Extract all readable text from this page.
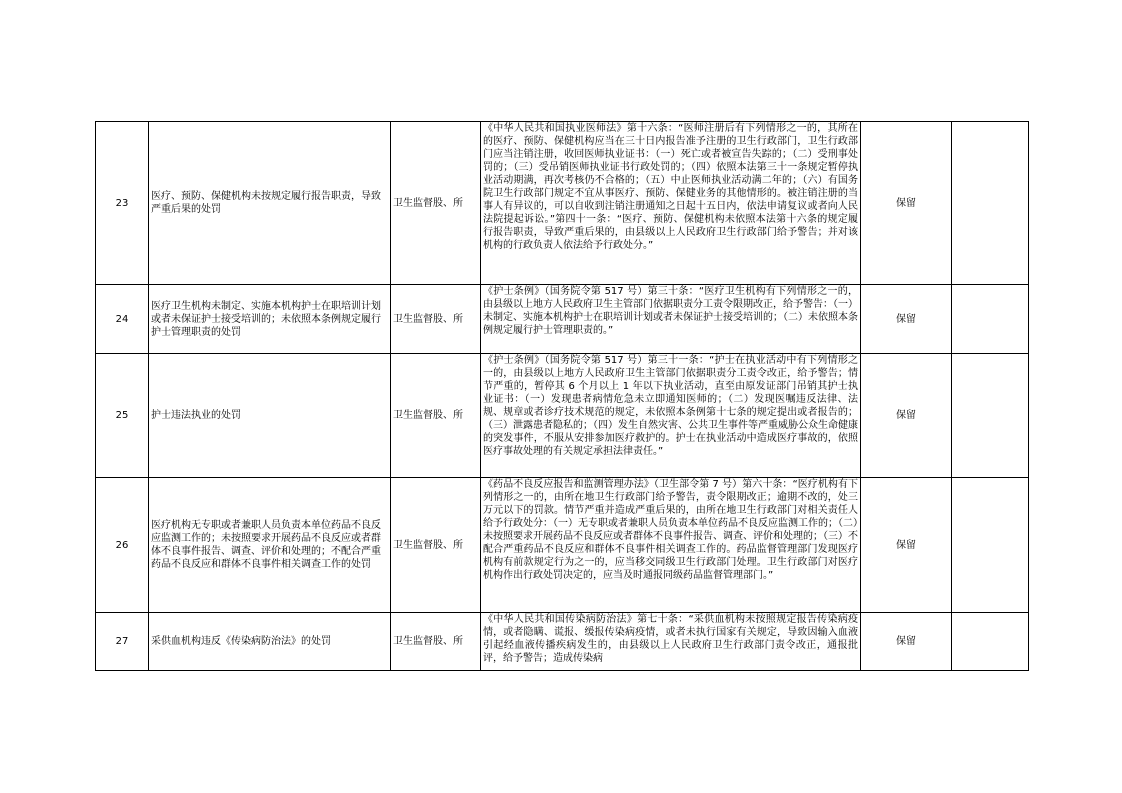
23	医疗、预防、保健机构未按规定履行报告职责，导致严重后果的处罚	卫生监督股、所	《中华人民共和国执业医师法》第十六条：“医师注册后有下列情形之一的，其所在的医疗、预防、保健机构应当在三十日内报告准予注册的卫生行政部门，卫生行政部门应当注销注册，收回医师执业证书：（一）死亡或者被宣告失踪的；（二）受刑事处罚的；（三）受吊销医师执业证书行政处罚的；（四）依照本法第三十一条规定暂停执业活动期满，再次考核仍不合格的；（五）中止医师执业活动满二年的；（六）有国务院卫生行政部门规定不宜从事医疗、预防、保健业务的其他情形的。被注销注册的当事人有异议的，可以自收到注销注册通知之日起十五日内，依法申请复议或者向人民法院提起诉讼。”第四十一条：“医疗、预防、保健机构未依照本法第十六条的规定履行报告职责，导致严重后果的，由县级以上人民政府卫生行政部门给予警告；并对该机构的行政负责人依法给予行政处分。”	保留	
24	医疗卫生机构未制定、实施本机构护士在职培训计划或者未保证护士接受培训的；未依照本条例规定履行护士管理职责的处罚	卫生监督股、所	《护士条例》（国务院令第 517 号）第三十条：“医疗卫生机构有下列情形之一的，由县级以上地方人民政府卫生主管部门依据职责分工责令限期改正，给予警告：（一）未制定、实施本机构护士在职培训计划或者未保证护士接受培训的；（二）未依照本条例规定履行护士管理职责的。”	保留	
25	护士违法执业的处罚	卫生监督股、所	《护士条例》（国务院令第 517 号）第三十一条：“护士在执业活动中有下列情形之一的，由县级以上地方人民政府卫生主管部门依据职责分工责令改正，给予警告；情节严重的，暂停其 6 个月以上 1 年以下执业活动，直至由原发证部门吊销其护士执业证书：（一）发现患者病情危急未立即通知医师的；（二）发现医嘱违反法律、法规、规章或者诊疗技术规范的规定，未依照本条例第十七条的规定提出或者报告的；（三）泄露患者隐私的；（四）发生自然灾害、公共卫生事件等严重威胁公众生命健康的突发事件，不服从安排参加医疗救护的。护士在执业活动中造成医疗事故的，依照医疗事故处理的有关规定承担法律责任。”	保留	
26	医疗机构无专职或者兼职人员负责本单位药品不良反应监测工作的；未按照要求开展药品不良反应或者群体不良事件报告、调查、评价和处理的；不配合严重药品不良反应和群体不良事件相关调查工作的处罚	卫生监督股、所	《药品不良反应报告和监测管理办法》（卫生部令第 7 号）第六十条：“医疗机构有下列情形之一的，由所在地卫生行政部门给予警告，责令限期改正；逾期不改的，处三万元以下的罚款。情节严重并造成严重后果的，由所在地卫生行政部门对相关责任人给予行政处分：（一）无专职或者兼职人员负责本单位药品不良反应监测工作的；（二）未按照要求开展药品不良反应或者群体不良事件报告、调查、评价和处理的；（三）不配合严重药品不良反应和群体不良事件相关调查工作的。药品监督管理部门发现医疗机构有前款规定行为之一的，应当移交同级卫生行政部门处理。卫生行政部门对医疗机构作出行政处罚决定的，应当及时通报同级药品监督管理部门。”	保留	
27	采供血机构违反《传染病防治法》的处罚	卫生监督股、所	《中华人民共和国传染病防治法》第七十条：“采供血机构未按照规定报告传染病疫情，或者隐瞒、谎报、缓报传染病疫情，或者未执行国家有关规定，导致因输入血液引起经血液传播疾病发生的，由县级以上人民政府卫生行政部门责令改正，通报批评，给予警告；造成传染病	保留	
